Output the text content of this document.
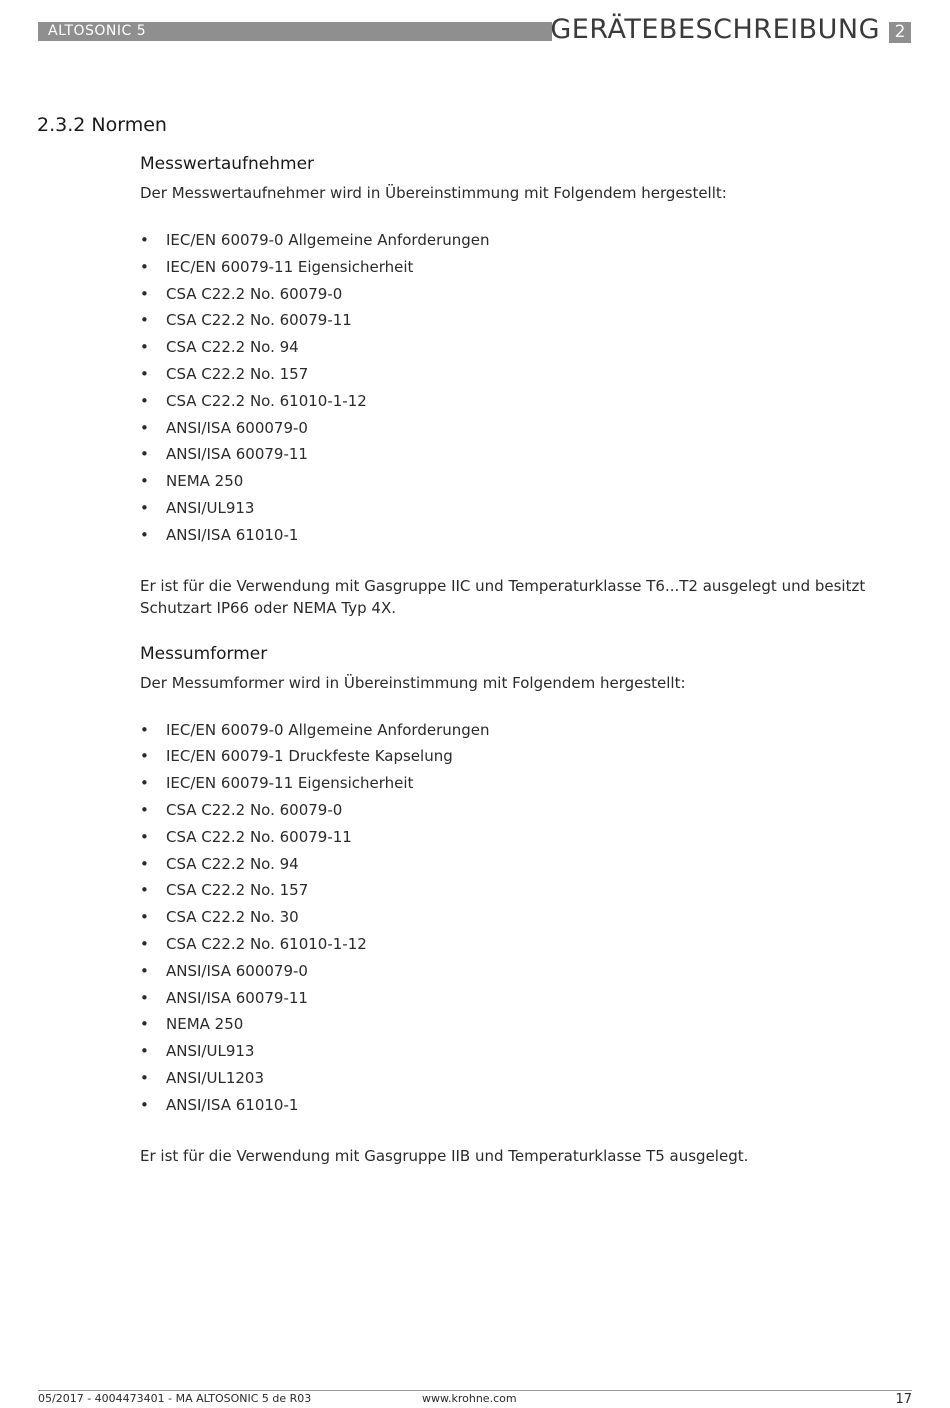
ALTOSONIC 5	GERÄTEBESCHREIBUNG 2
2.3.2 Normen
Messwertaufnehmer

Der Messwertaufnehmer wird in Übereinstimmung mit Folgendem hergestellt:

• IEC/EN 60079-0 Allgemeine Anforderungen
• IEC/EN 60079-11 Eigensicherheit
• CSA C22.2 No. 60079-0
• CSA C22.2 No. 60079-11
• CSA C22.2 No. 94
• CSA C22.2 No. 157
• CSA C22.2 No. 61010-1-12
• ANSI/ISA 600079-0
• ANSI/ISA 60079-11
• NEMA 250
• ANSI/UL913
• ANSI/ISA 61010-1

Er ist für die Verwendung mit Gasgruppe IIC und Temperaturklasse T6...T2 ausgelegt und besitzt Schutzart IP66 oder NEMA Typ 4X.

Messumformer

Der Messumformer wird in Übereinstimmung mit Folgendem hergestellt:

• IEC/EN 60079-0 Allgemeine Anforderungen
• IEC/EN 60079-1 Druckfeste Kapselung
• IEC/EN 60079-11 Eigensicherheit
• CSA C22.2 No. 60079-0
• CSA C22.2 No. 60079-11
• CSA C22.2 No. 94
• CSA C22.2 No. 157
• CSA C22.2 No. 30
• CSA C22.2 No. 61010-1-12
• ANSI/ISA 600079-0
• ANSI/ISA 60079-11
• NEMA 250
• ANSI/UL913
• ANSI/UL1203
• ANSI/ISA 61010-1

Er ist für die Verwendung mit Gasgruppe IIB und Temperaturklasse T5 ausgelegt.

05/2017 - 4004473401 - MA ALTOSONIC 5 de R03	www.krohne.com	17
